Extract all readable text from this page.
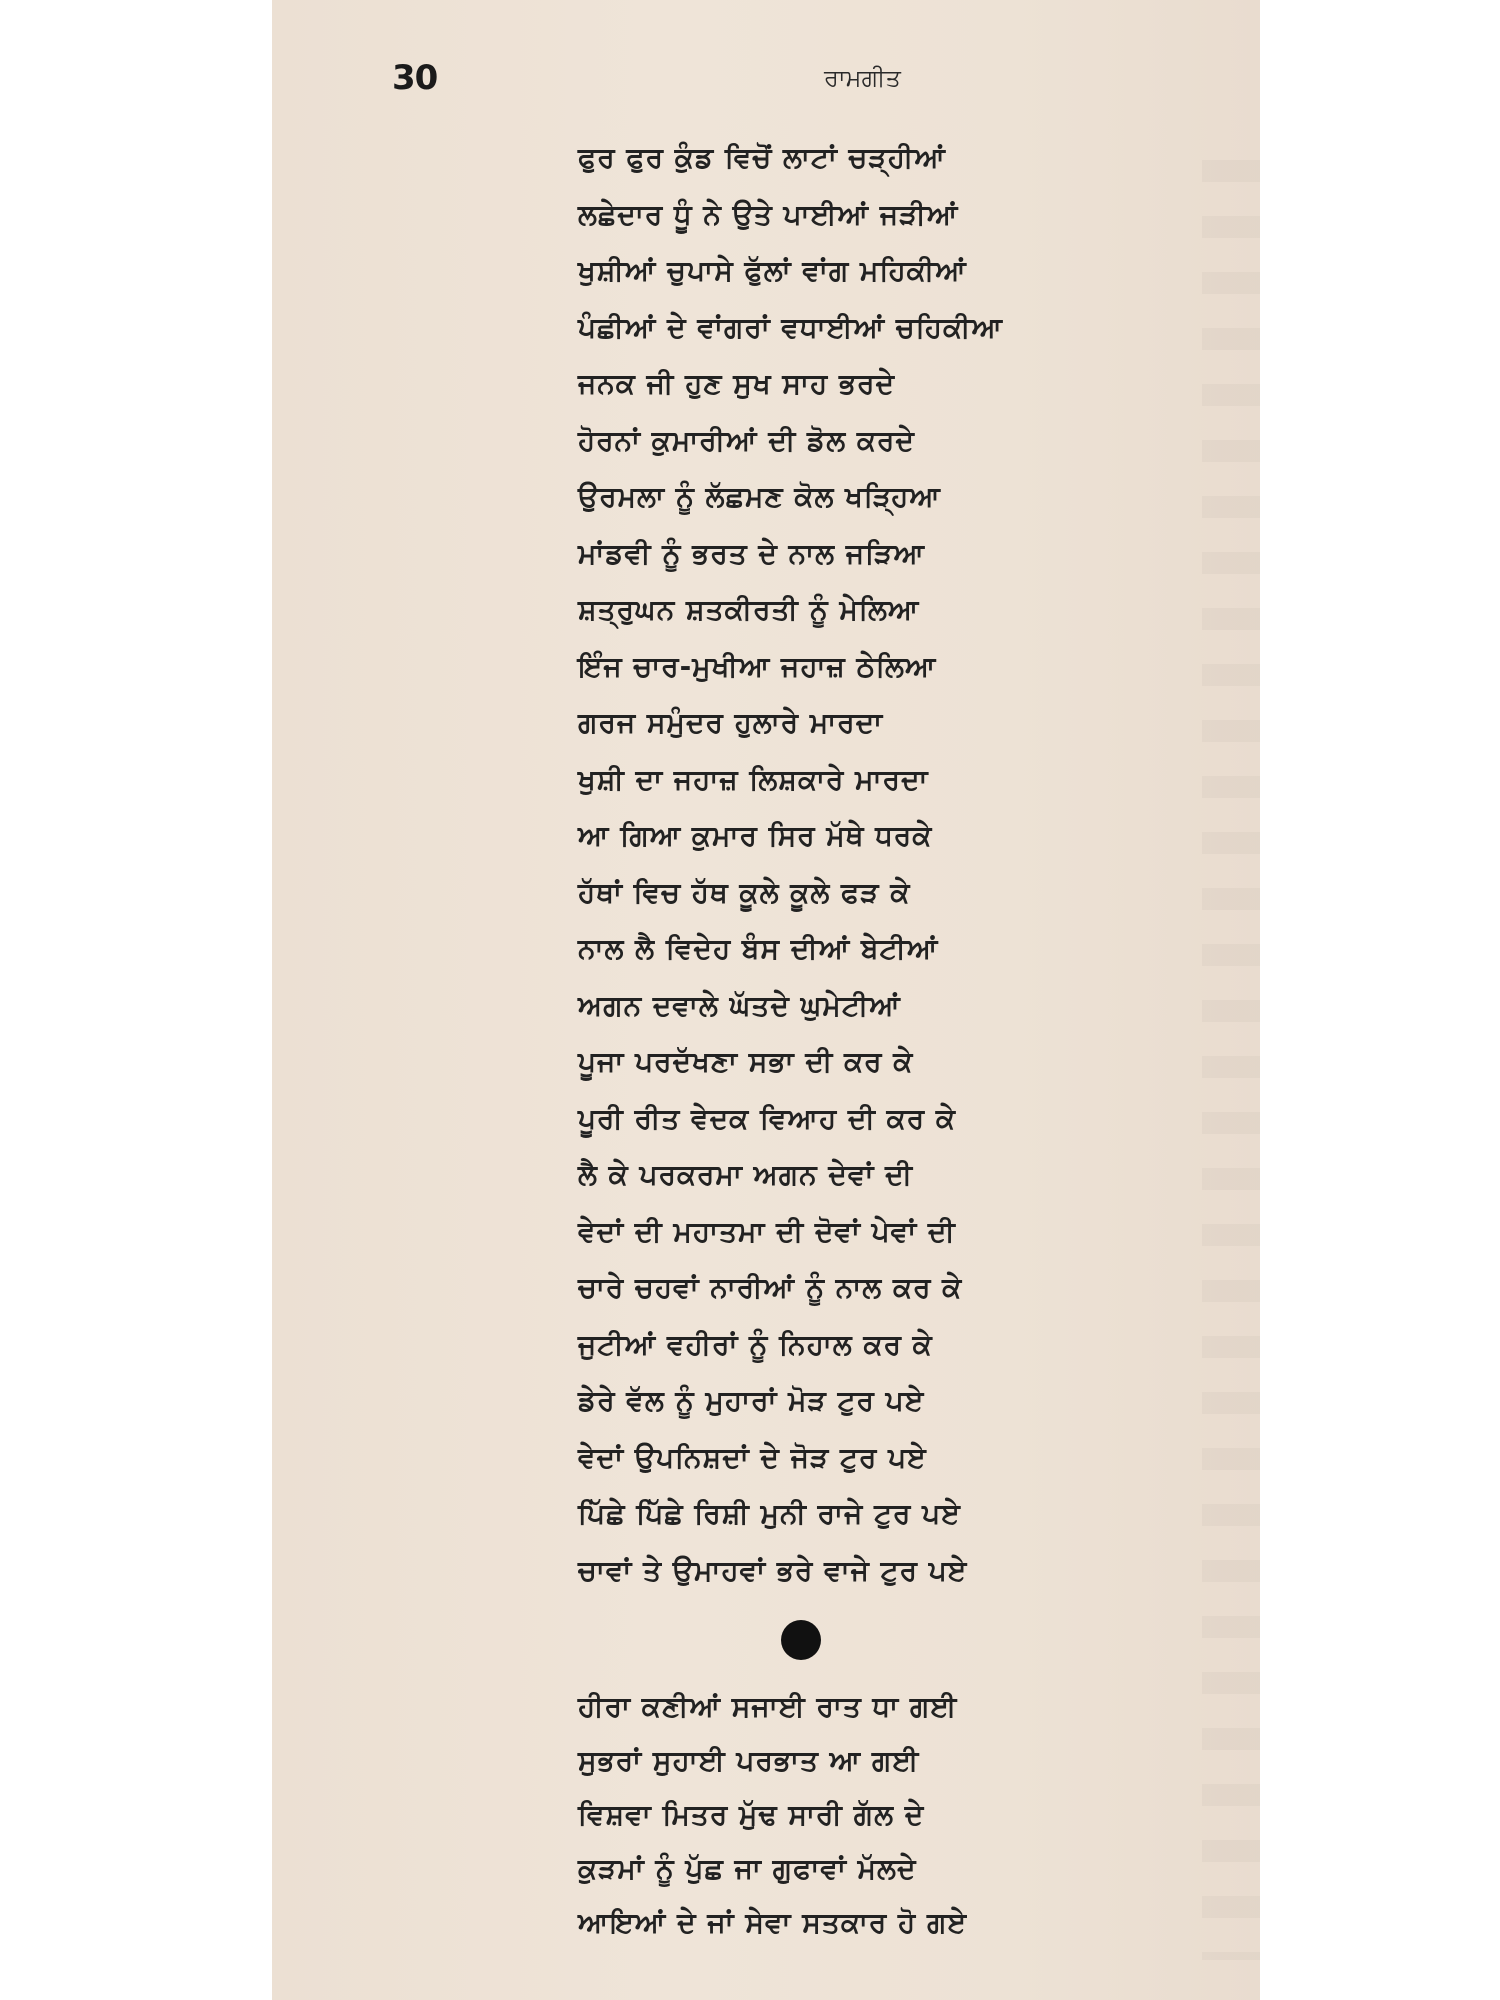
30	ਰਾਮਗੀਤ
ਫੁਰ ਫੁਰ ਕੁੰਡ ਵਿਚੋਂ ਲਾਟਾਂ ਚੜ੍ਹੀਆਂ
ਲਛੇਦਾਰ ਧੂੰ ਨੇ ਉਤੇ ਪਾਈਆਂ ਜੜੀਆਂ
ਖੁਸ਼ੀਆਂ ਚੁਪਾਸੇ ਫੁੱਲਾਂ ਵਾਂਗ ਮਹਿਕੀਆਂ
ਪੰਛੀਆਂ ਦੇ ਵਾਂਗਰਾਂ ਵਧਾਈਆਂ ਚਹਿਕੀਆ
ਜਨਕ ਜੀ ਹੁਣ ਸੁਖ ਸਾਹ ਭਰਦੇ
ਹੋਰਨਾਂ ਕੁਮਾਰੀਆਂ ਦੀ ਡੋਲ ਕਰਦੇ
ਉਰਮਲਾ ਨੂੰ ਲੱਛਮਣ ਕੋਲ ਖੜ੍ਹਿਆ
ਮਾਂਡਵੀ ਨੂੰ ਭਰਤ ਦੇ ਨਾਲ ਜੜਿਆ
ਸ਼ਤ੍ਰੁਘਨ ਸ਼ਤਕੀਰਤੀ ਨੂੰ ਮੇਲਿਆ
ਇੰਜ ਚਾਰ-ਮੁਖੀਆ ਜਹਾਜ਼ ਠੇਲਿਆ
ਗਰਜ ਸਮੁੰਦਰ ਹੁਲਾਰੇ ਮਾਰਦਾ
ਖੁਸ਼ੀ ਦਾ ਜਹਾਜ਼ ਲਿਸ਼ਕਾਰੇ ਮਾਰਦਾ
ਆ ਗਿਆ ਕੁਮਾਰ ਸਿਰ ਮੱਥੇ ਧਰਕੇ
ਹੱਥਾਂ ਵਿਚ ਹੱਥ ਕੂਲੇ ਕੂਲੇ ਫੜ ਕੇ
ਨਾਲ ਲੈ ਵਿਦੇਹ ਬੰਸ ਦੀਆਂ ਬੇਟੀਆਂ
ਅਗਨ ਦਵਾਲੇ ਘੱਤਦੇ ਘੁਮੇਟੀਆਂ
ਪੂਜਾ ਪਰਦੱਖਣਾ ਸਭਾ ਦੀ ਕਰ ਕੇ
ਪੂਰੀ ਰੀਤ ਵੇਦਕ ਵਿਆਹ ਦੀ ਕਰ ਕੇ
ਲੈ ਕੇ ਪਰਕਰਮਾ ਅਗਨ ਦੇਵਾਂ ਦੀ
ਵੇਦਾਂ ਦੀ ਮਹਾਤਮਾ ਦੀ ਦੋਵਾਂ ਪੇਵਾਂ ਦੀ
ਚਾਰੇ ਚਹਵਾਂ ਨਾਰੀਆਂ ਨੂੰ ਨਾਲ ਕਰ ਕੇ
ਜੁਟੀਆਂ ਵਹੀਰਾਂ ਨੂੰ ਨਿਹਾਲ ਕਰ ਕੇ
ਡੇਰੇ ਵੱਲ ਨੂੰ ਮੁਹਾਰਾਂ ਮੋੜ ਟੁਰ ਪਏ
ਵੇਦਾਂ ਉਪਨਿਸ਼ਦਾਂ ਦੇ ਜੋੜ ਟੁਰ ਪਏ
ਪਿੱਛੇ ਪਿੱਛੇ ਰਿਸ਼ੀ ਮੁਨੀ ਰਾਜੇ ਟੁਰ ਪਏ
ਚਾਵਾਂ ਤੇ ਉਮਾਹਵਾਂ ਭਰੇ ਵਾਜੇ ਟੁਰ ਪਏ
ਹੀਰਾ ਕਣੀਆਂ ਸਜਾਈ ਰਾਤ ਧਾ ਗਈ
ਸੁਭਰਾਂ ਸੁਹਾਈ ਪਰਭਾਤ ਆ ਗਈ
ਵਿਸ਼ਵਾ ਮਿਤਰ ਮੁੱਢ ਸਾਰੀ ਗੱਲ ਦੇ
ਕੁੜਮਾਂ ਨੂੰ ਪੁੱਛ ਜਾ ਗੁਫਾਵਾਂ ਮੱਲਦੇ
ਆਇਆਂ ਦੇ ਜਾਂ ਸੇਵਾ ਸਤਕਾਰ ਹੋ ਗਏ
